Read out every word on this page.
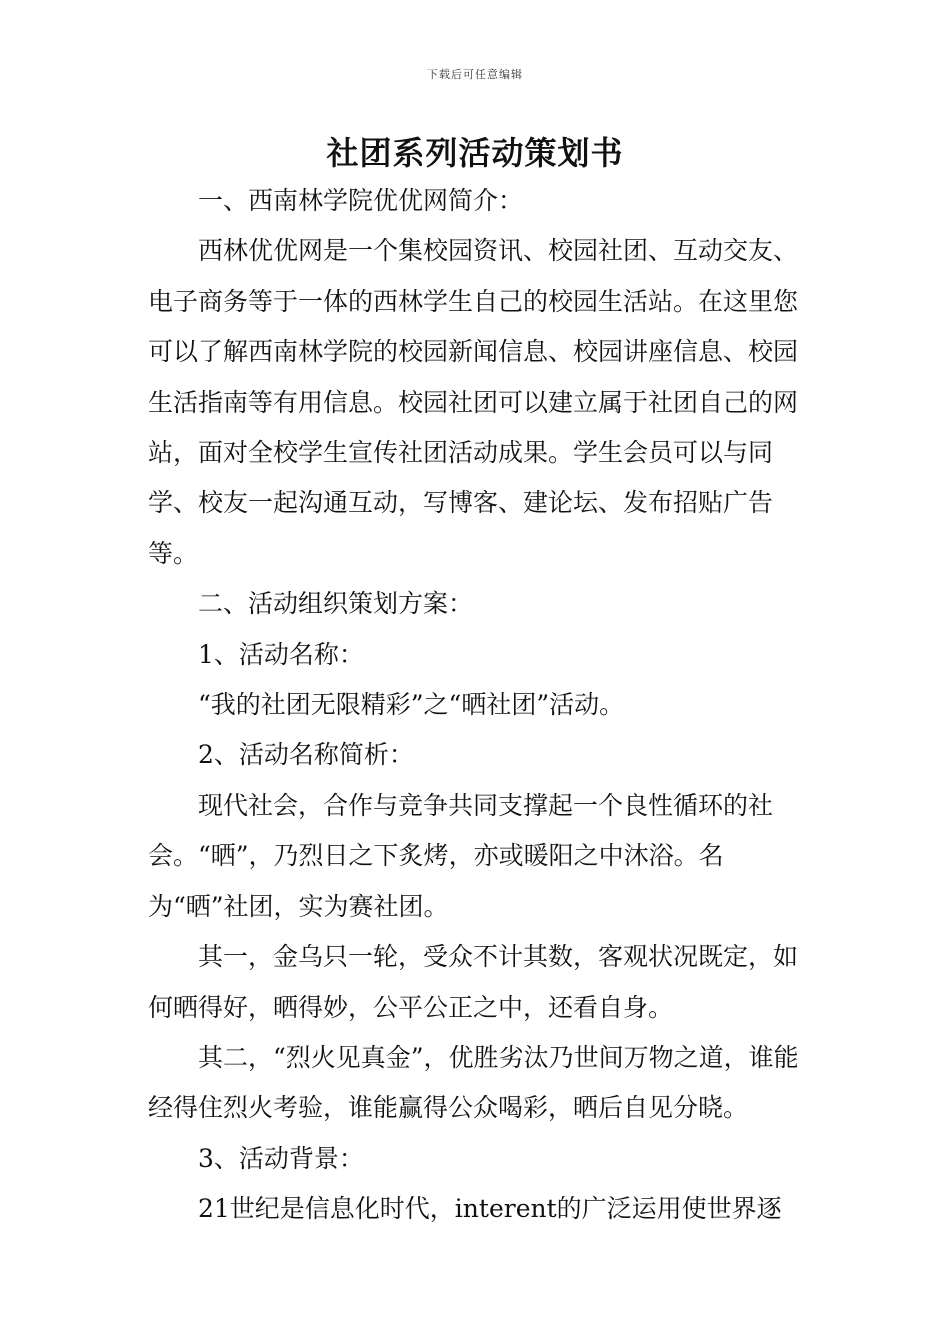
下载后可任意编辑
社团系列活动策划书

一、西南林学院优优网简介：

西林优优网是一个集校园资讯、校园社团、互动交友、电子商务等于一体的西林学生自己的校园生活站。在这里您可以了解西南林学院的校园新闻信息、校园讲座信息、校园生活指南等有用信息。校园社团可以建立属于社团自己的网站，面对全校学生宣传社团活动成果。学生会员可以与同学、校友一起沟通互动，写博客、建论坛、发布招贴广告等。

二、活动组织策划方案：

1、活动名称：

“我的社团无限精彩”之“晒社团”活动。

2、活动名称简析：

现代社会，合作与竞争共同支撑起一个良性循环的社会。“晒”，乃烈日之下炙烤，亦或暖阳之中沐浴。名为“晒”社团，实为赛社团。

其一，金乌只一轮，受众不计其数，客观状况既定，如何晒得好，晒得妙，公平公正之中，还看自身。

其二，“烈火见真金”，优胜劣汰乃世间万物之道，谁能经得住烈火考验，谁能赢得公众喝彩，晒后自见分晓。

3、活动背景：

21世纪是信息化时代，interent的广泛运用使世界逐
